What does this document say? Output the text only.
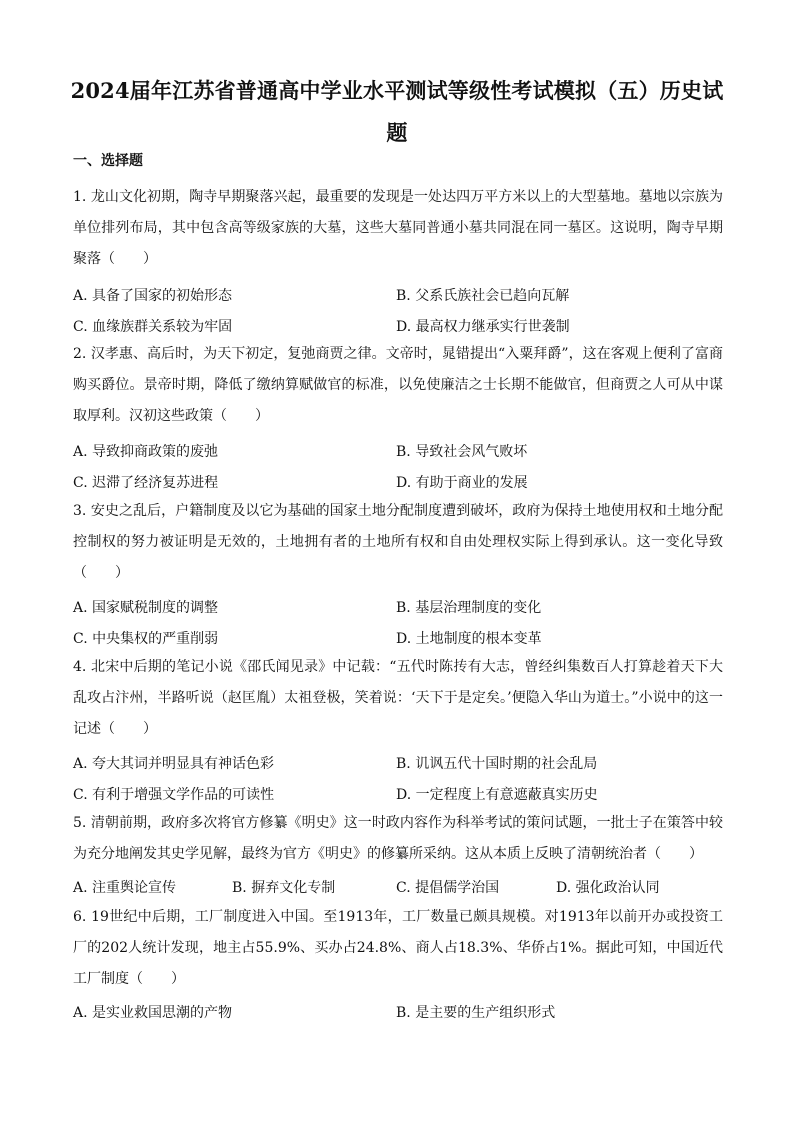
2024届年江苏省普通高中学业水平测试等级性考试模拟（五）历史试题
一、选择题
1. 龙山文化初期，陶寺早期聚落兴起，最重要的发现是一处达四万平方米以上的大型墓地。墓地以宗族为单位排列布局，其中包含高等级家族的大墓，这些大墓同普通小墓共同混在同一墓区。这说明，陶寺早期聚落（　　）
A. 具备了国家的初始形态	B. 父系氏族社会已趋向瓦解
C. 血缘族群关系较为牢固	D. 最高权力继承实行世袭制
2. 汉孝惠、高后时，为天下初定，复弛商贾之律。文帝时，晁错提出“入粟拜爵”，这在客观上便利了富商购买爵位。景帝时期，降低了缴纳算赋做官的标准，以免使廉洁之士长期不能做官，但商贾之人可从中谋取厚利。汉初这些政策（　　）
A. 导致抑商政策的废弛	B. 导致社会风气败坏
C. 迟滞了经济复苏进程	D. 有助于商业的发展
3. 安史之乱后，户籍制度及以它为基础的国家土地分配制度遭到破坏，政府为保持土地使用权和土地分配控制权的努力被证明是无效的，土地拥有者的土地所有权和自由处理权实际上得到承认。这一变化导致（　　）
A. 国家赋税制度的调整	B. 基层治理制度的变化
C. 中央集权的严重削弱	D. 土地制度的根本变革
4. 北宋中后期的笔记小说《邵氏闻见录》中记载：“五代时陈抟有大志，曾经纠集数百人打算趁着天下大乱攻占汴州，半路听说（赵匡胤）太祖登极，笑着说：‘天下于是定矣。’便隐入华山为道士。”小说中的这一记述（　　）
A. 夸大其词并明显具有神话色彩	B. 讥讽五代十国时期的社会乱局
C. 有利于增强文学作品的可读性	D. 一定程度上有意遮蔽真实历史
5. 清朝前期，政府多次将官方修纂《明史》这一时政内容作为科举考试的策问试题，一批士子在策答中较为充分地阐发其史学见解，最终为官方《明史》的修纂所采纳。这从本质上反映了清朝统治者（　　）
A. 注重舆论宣传	B. 摒弃文化专制	C. 提倡儒学治国	D. 强化政治认同
6. 19世纪中后期，工厂制度进入中国。至1913年，工厂数量已颇具规模。对1913年以前开办或投资工厂的202人统计发现，地主占55.9%、买办占24.8%、商人占18.3%、华侨占1%。据此可知，中国近代工厂制度（　　）
A. 是实业救国思潮的产物	B. 是主要的生产组织形式
